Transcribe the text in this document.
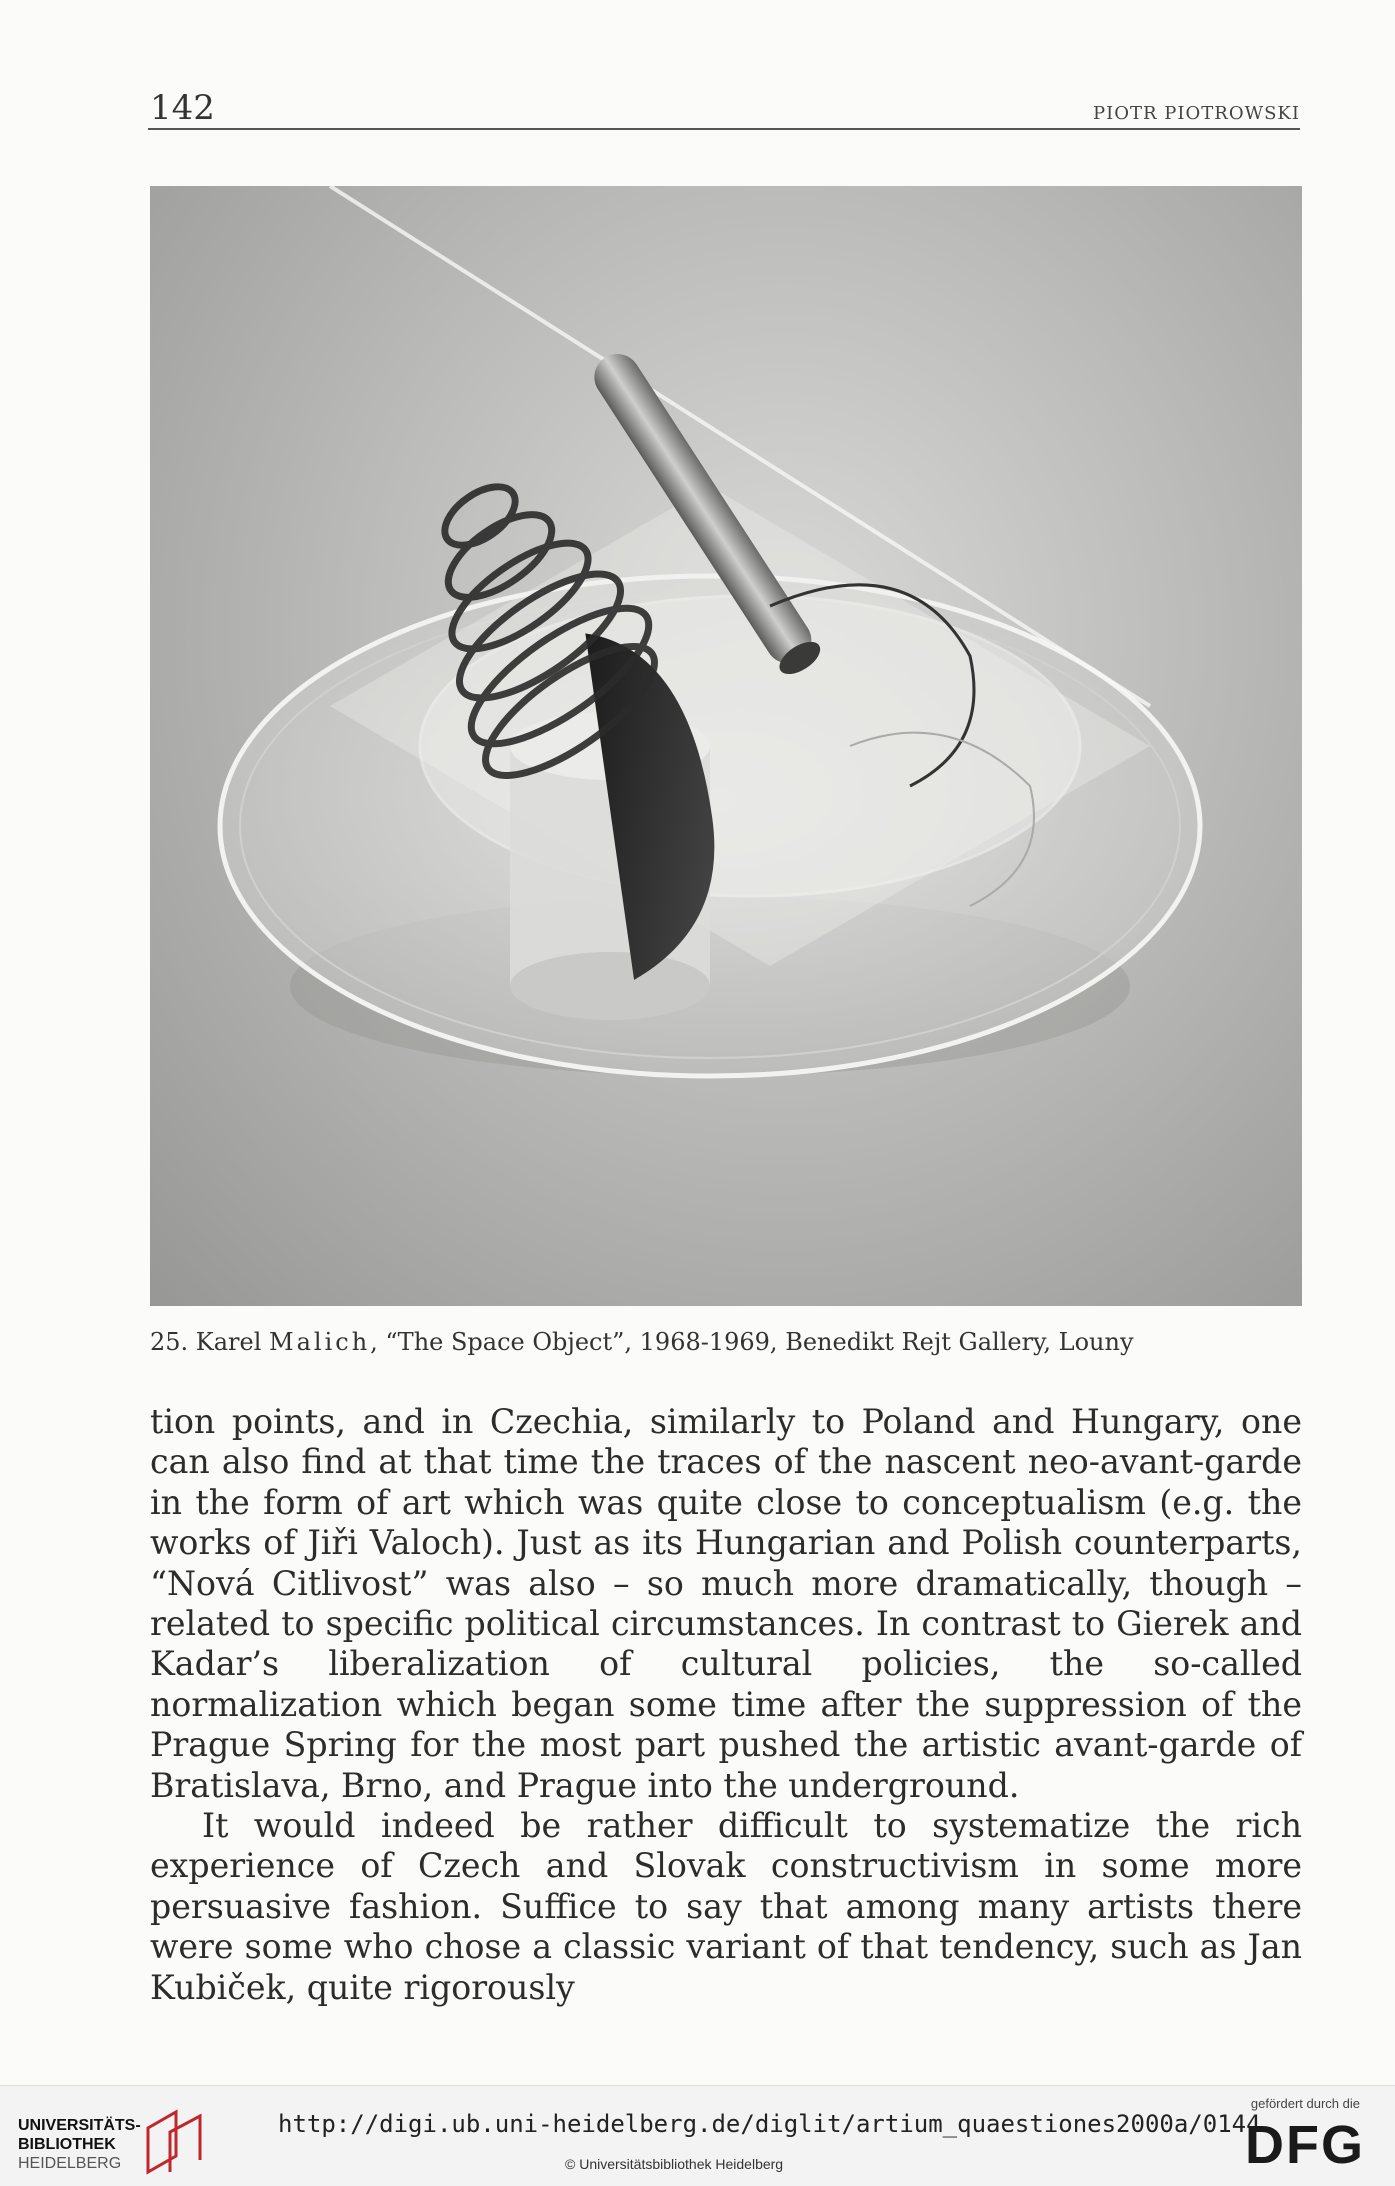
142	PIOTR PIOTROWSKI
25. Karel Malich, “The Space Object”, 1968-1969, Benedikt Rejt Gallery, Louny

tion points, and in Czechia, similarly to Poland and Hungary, one can also find at that time the traces of the nascent neo-avant-garde in the form of art which was quite close to conceptualism (e.g. the works of Jiři Valoch). Just as its Hungarian and Polish counterparts, “Nová Citlivost” was also – so much more dramatically, though – related to specific political circumstances. In contrast to Gierek and Kadar’s liberalization of cultural policies, the so-called normalization which began some time after the suppression of the Prague Spring for the most part pushed the artistic avant-garde of Bratislava, Brno, and Prague into the underground.

It would indeed be rather difficult to systematize the rich experience of Czech and Slovak constructivism in some more persuasive fashion. Suffice to say that among many artists there were some who chose a classic variant of that tendency, such as Jan Kubiček, quite rigorously

UNIVERSITÄTS-
BIBLIOTHEK
HEIDELBERG
http://digi.ub.uni-heidelberg.de/diglit/artium_quaestiones2000a/0144
© Universitätsbibliothek Heidelberg
gefördert durch die
DFG
